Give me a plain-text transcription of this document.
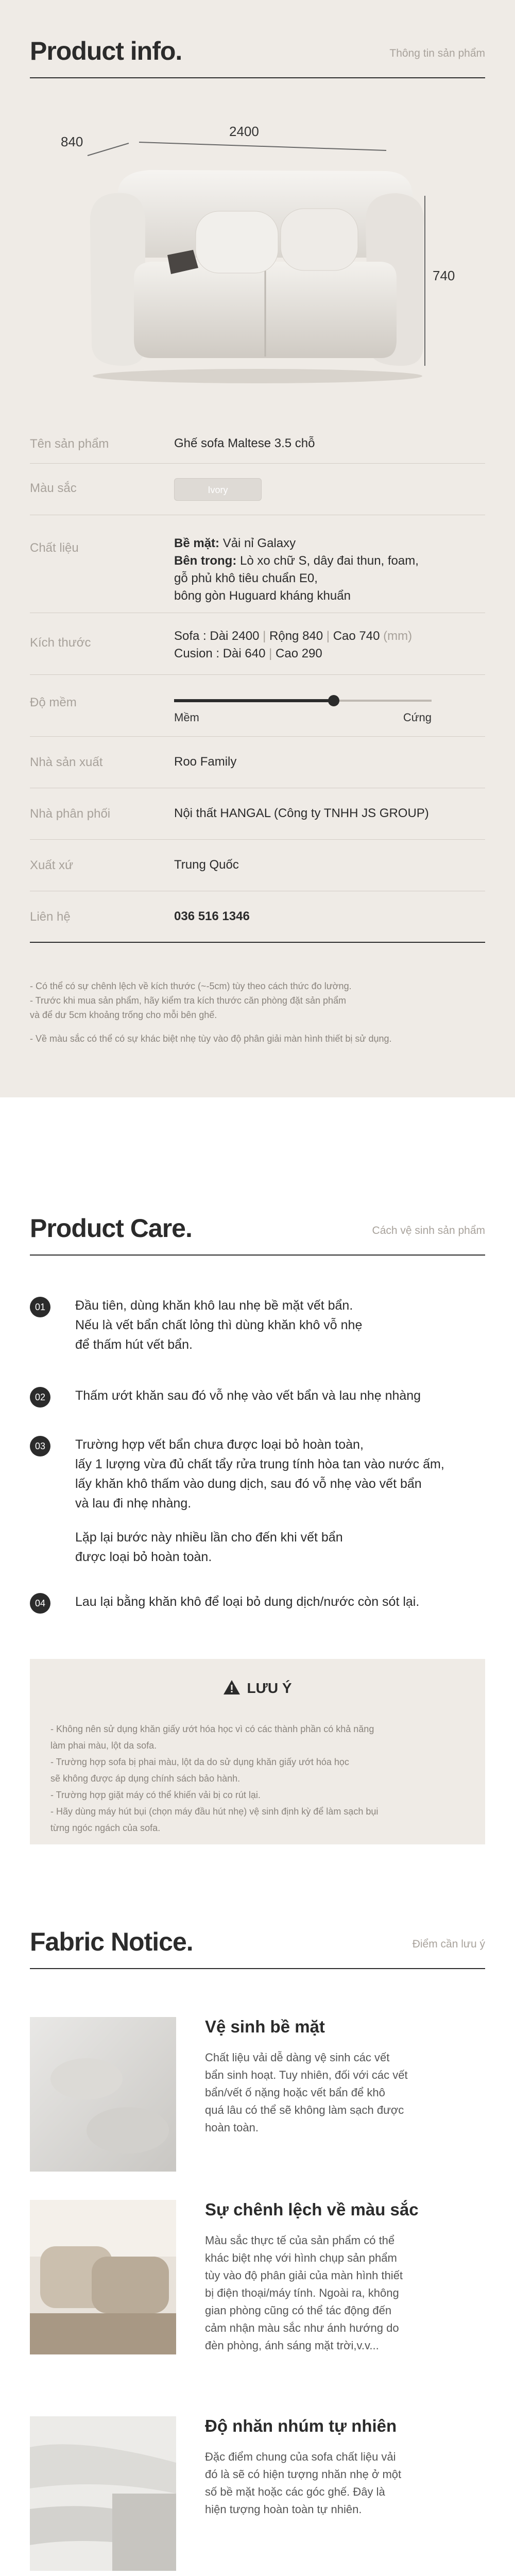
Product info.	Thông tin sản phẩm
840
2400
740
Tên sản phẩm	Ghế sofa Maltese 3.5 chỗ
Màu sắc	Ivory
Chất liệu	Bề mặt: Vải nỉ Galaxy
Bên trong: Lò xo chữ S, dây đai thun, foam,
gỗ phủ khô tiêu chuẩn E0,
bông gòn Huguard kháng khuẩn
Kích thước	Sofa : Dài 2400 | Rộng 840 | Cao 740 (mm)
Cusion : Dài 640 | Cao 290
Độ mềm
Mềm	Cứng
Nhà sản xuất	Roo Family
Nhà phân phối	Nội thất HANGAL (Công ty TNHH JS GROUP)
Xuất xứ	Trung Quốc
Liên hệ	036 516 1346
- Có thể có sự chênh lệch về kích thước (~-5cm) tùy theo cách thức đo lường.
- Trước khi mua sản phẩm, hãy kiểm tra kích thước căn phòng đặt sản phẩm
và để dư 5cm khoảng trống cho mỗi bên ghế.
- Về màu sắc có thể có sự khác biệt nhẹ tùy vào độ phân giải màn hình thiết bị sử dụng.
Product Care.	Cách vệ sinh sản phẩm
01	Đầu tiên, dùng khăn khô lau nhẹ bề mặt vết bẩn.
Nếu là vết bẩn chất lỏng thì dùng khăn khô vỗ nhẹ
để thấm hút vết bẩn.
02	Thấm ướt khăn sau đó vỗ nhẹ vào vết bẩn và lau nhẹ nhàng
03	Trường hợp vết bẩn chưa được loại bỏ hoàn toàn,
lấy 1 lượng vừa đủ chất tẩy rửa trung tính hòa tan vào nước ấm,
lấy khăn khô thấm vào dung dịch, sau đó vỗ nhẹ vào vết bẩn
và lau đi nhẹ nhàng.
Lặp lại bước này nhiều lần cho đến khi vết bẩn
được loại bỏ hoàn toàn.
04	Lau lại bằng khăn khô để loại bỏ dung dịch/nước còn sót lại.
LƯU Ý
- Không nên sử dụng khăn giấy ướt hóa học vì có các thành phần có khả năng
làm phai màu, lột da sofa.
- Trường hợp sofa bị phai màu, lột da do sử dụng khăn giấy ướt hóa học
sẽ không được áp dụng chính sách bảo hành.
- Trường hợp giặt máy có thể khiến vải bị co rút lại.
- Hãy dùng máy hút bụi (chọn máy đầu hút nhẹ) vệ sinh định kỳ để làm sạch bụi
từng ngóc ngách của sofa.
Fabric Notice.	Điểm cần lưu ý
Vệ sinh bề mặt
Chất liệu vải dễ dàng vệ sinh các vết
bẩn sinh hoạt. Tuy nhiên, đối với các vết
bẩn/vết ố nặng hoặc vết bẩn để khô
quá lâu có thể sẽ không làm sạch được
hoàn toàn.
Sự chênh lệch về màu sắc
Màu sắc thực tế của sản phẩm có thể
khác biệt nhẹ với hình chụp sản phẩm
tùy vào độ phân giải của màn hình thiết
bị điện thoại/máy tính. Ngoài ra, không
gian phòng cũng có thể tác động đến
cảm nhận màu sắc như ánh hướng do
đèn phòng, ánh sáng mặt trời,v.v...
Độ nhăn nhúm tự nhiên
Đặc điểm chung của sofa chất liệu vải
đó là sẽ có hiện tượng nhăn nhẹ ở một
số bề mặt hoặc các góc ghế. Đây là
hiện tượng hoàn toàn tự nhiên.
